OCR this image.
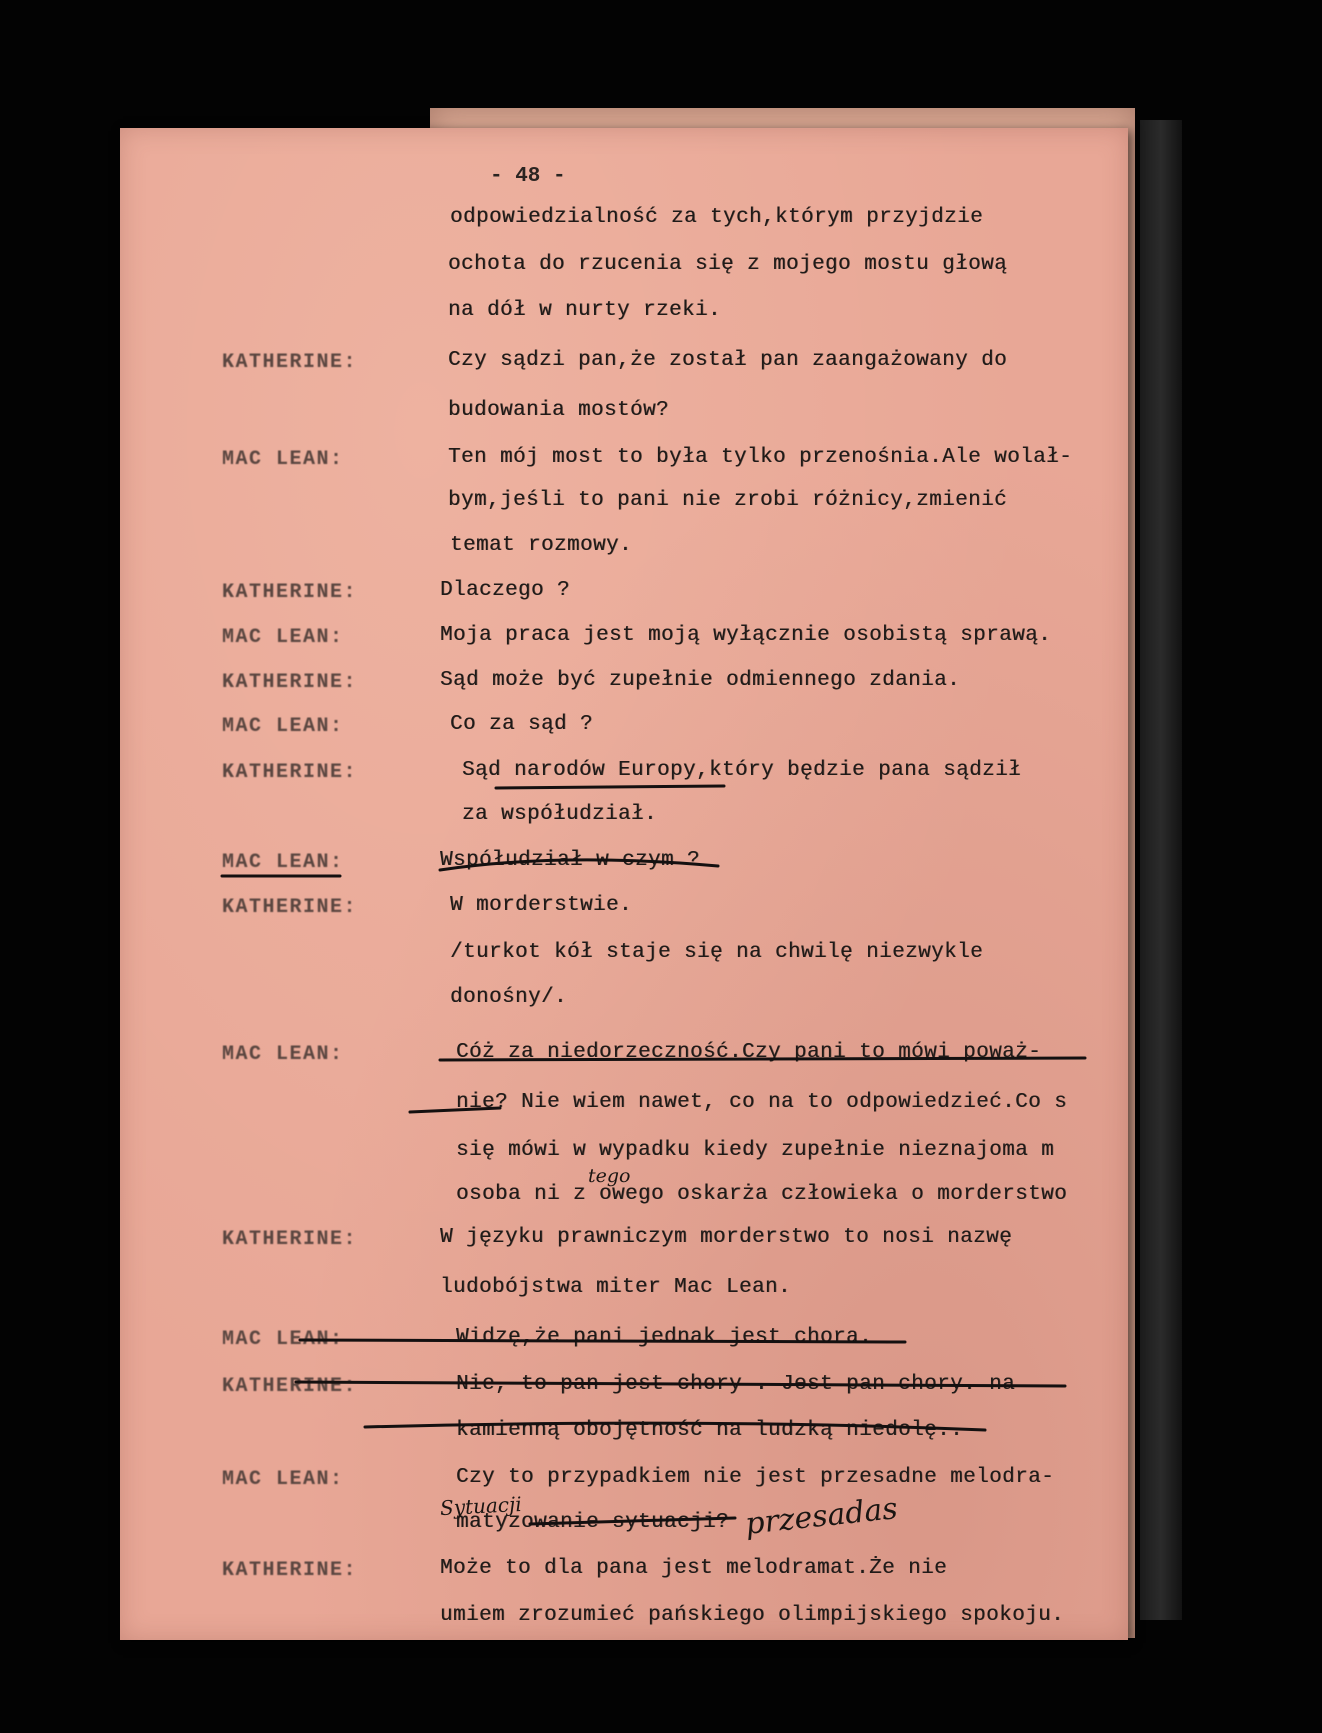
- 48 -
odpowiedzialność za tych,którym przyjdzie
ochota do rzucenia się z mojego mostu głową
na dół w nurty rzeki.
KATHERINE:	Czy sądzi pan,że został pan zaangażowany do
budowania mostów?
MAC LEAN:	Ten mój most to była tylko przenośnia.Ale wolał-
bym,jeśli to pani nie zrobi różnicy,zmienić
temat rozmowy.
KATHERINE:	Dlaczego ?
MAC LEAN:	Moja praca jest moją wyłącznie osobistą sprawą.
KATHERINE:	Sąd może być zupełnie odmiennego zdania.
MAC LEAN:	Co za sąd ?
KATHERINE:	Sąd narodów Europy,który będzie pana sądził
za współudział.
MAC LEAN:	Współudział w czym ?
KATHERINE:	W morderstwie.
/turkot kół staje się na chwilę niezwykle
donośny/.
MAC LEAN:	Cóż za niedorzeczność.Czy pani to mówi poważ-
nie? Nie wiem nawet, co na to odpowiedzieć.Co s
się mówi w wypadku kiedy zupełnie nieznajoma m
osoba ni z owego oskarża człowieka o morderstwo
KATHERINE:	W języku prawniczym morderstwo to nosi nazwę
ludobójstwa miter Mac Lean.
MAC LEAN:	Widzę,że pani jednak jest chora.
KATHERINE:	Nie, to pan jest chory . Jest pan chory. na
kamienną obojętność na ludzką niedolę..
MAC LEAN:	Czy to przypadkiem nie jest przesadne melodra-
matyzowanie sytuacji?
KATHERINE:	Może to dla pana jest melodramat.Że nie
umiem zrozumieć pańskiego olimpijskiego spokoju.
tego
Sytuacji	przesadas
